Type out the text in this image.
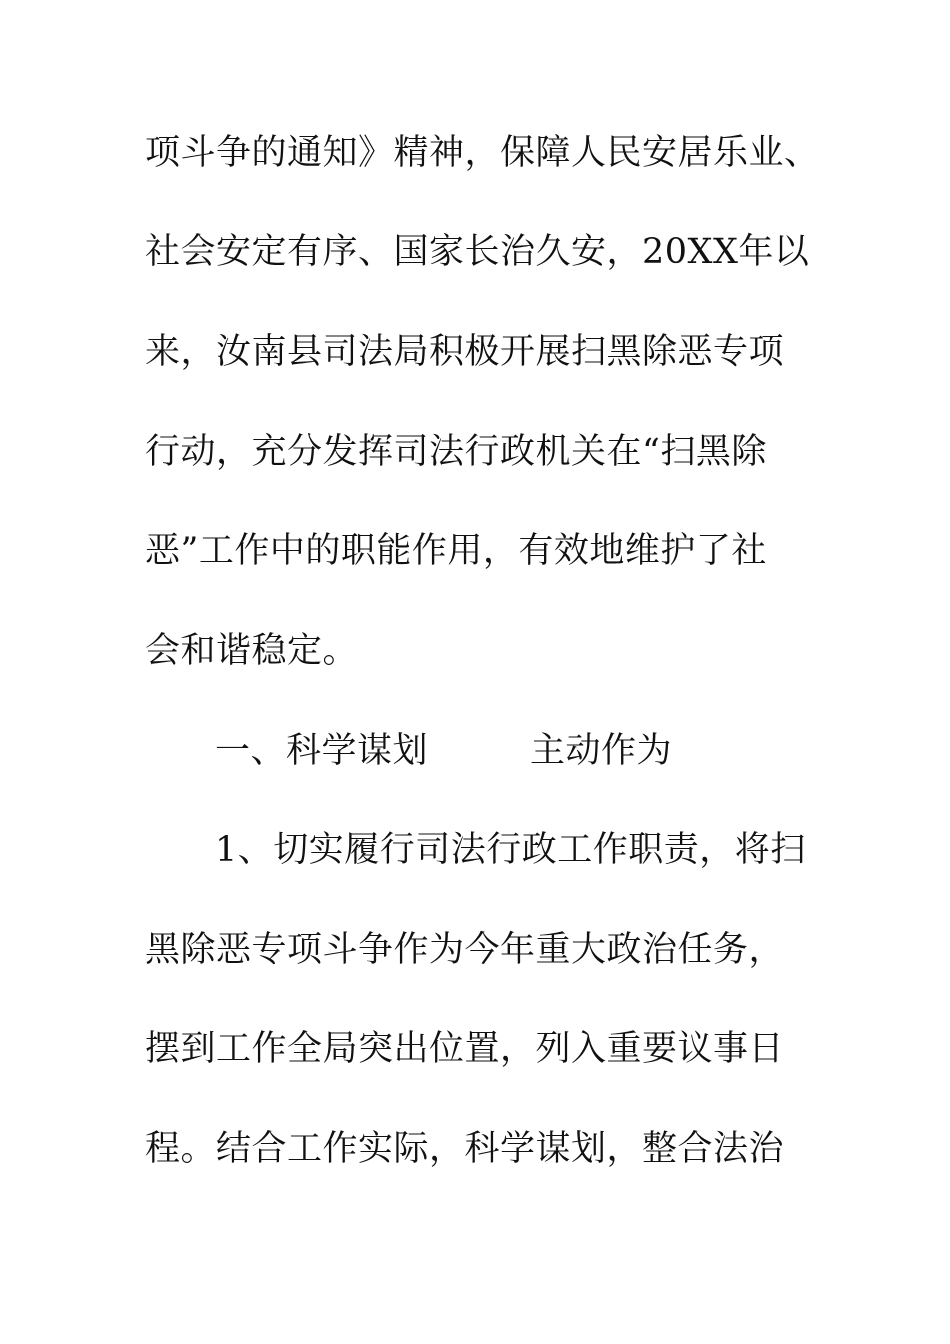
项斗争的通知》精神，保障人民安居乐业、
社会安定有序、国家长治久安，20XX年以
来，汝南县司法局积极开展扫黑除恶专项
行动，充分发挥司法行政机关在“扫黑除
恶”工作中的职能作用，有效地维护了社
会和谐稳定。
一、科学谋划	主动作为
1、切实履行司法行政工作职责，将扫
黑除恶专项斗争作为今年重大政治任务，
摆到工作全局突出位置，列入重要议事日
程。结合工作实际，科学谋划，整合法治
